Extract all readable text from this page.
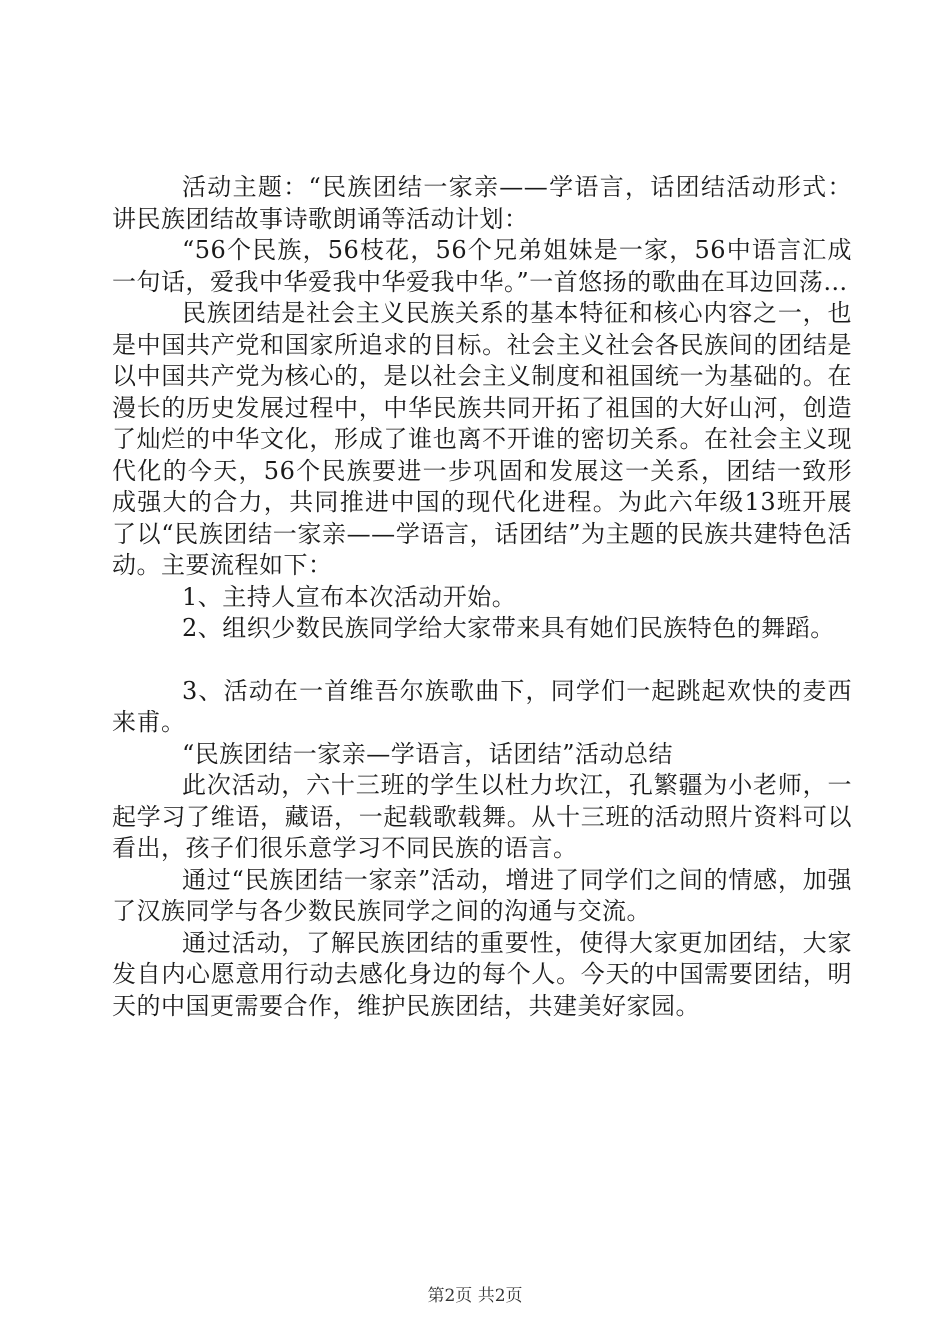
活动主题：“民族团结一家亲——学语言，话团结活动形式：讲民族团结故事诗歌朗诵等活动计划：

“56个民族，56枝花，56个兄弟姐妹是一家，56中语言汇成一句话，爱我中华爱我中华爱我中华。”一首悠扬的歌曲在耳边回荡…

民族团结是社会主义民族关系的基本特征和核心内容之一，也是中国共产党和国家所追求的目标。社会主义社会各民族间的团结是以中国共产党为核心的，是以社会主义制度和祖国统一为基础的。在漫长的历史发展过程中，中华民族共同开拓了祖国的大好山河，创造了灿烂的中华文化，形成了谁也离不开谁的密切关系。在社会主义现代化的今天，56个民族要进一步巩固和发展这一关系，团结一致形成强大的合力，共同推进中国的现代化进程。为此六年级13班开展了以“民族团结一家亲——学语言，话团结”为主题的民族共建特色活动。主要流程如下：

1、主持人宣布本次活动开始。

2、组织少数民族同学给大家带来具有她们民族特色的舞蹈。

3、活动在一首维吾尔族歌曲下，同学们一起跳起欢快的麦西来甫。

“民族团结一家亲—学语言，话团结”活动总结

此次活动，六十三班的学生以杜力坎江，孔繁疆为小老师，一起学习了维语，藏语，一起载歌载舞。从十三班的活动照片资料可以看出，孩子们很乐意学习不同民族的语言。

通过“民族团结一家亲”活动，增进了同学们之间的情感，加强了汉族同学与各少数民族同学之间的沟通与交流。

通过活动，了解民族团结的重要性，使得大家更加团结，大家发自内心愿意用行动去感化身边的每个人。今天的中国需要团结，明天的中国更需要合作，维护民族团结，共建美好家园。

第2页 共2页
